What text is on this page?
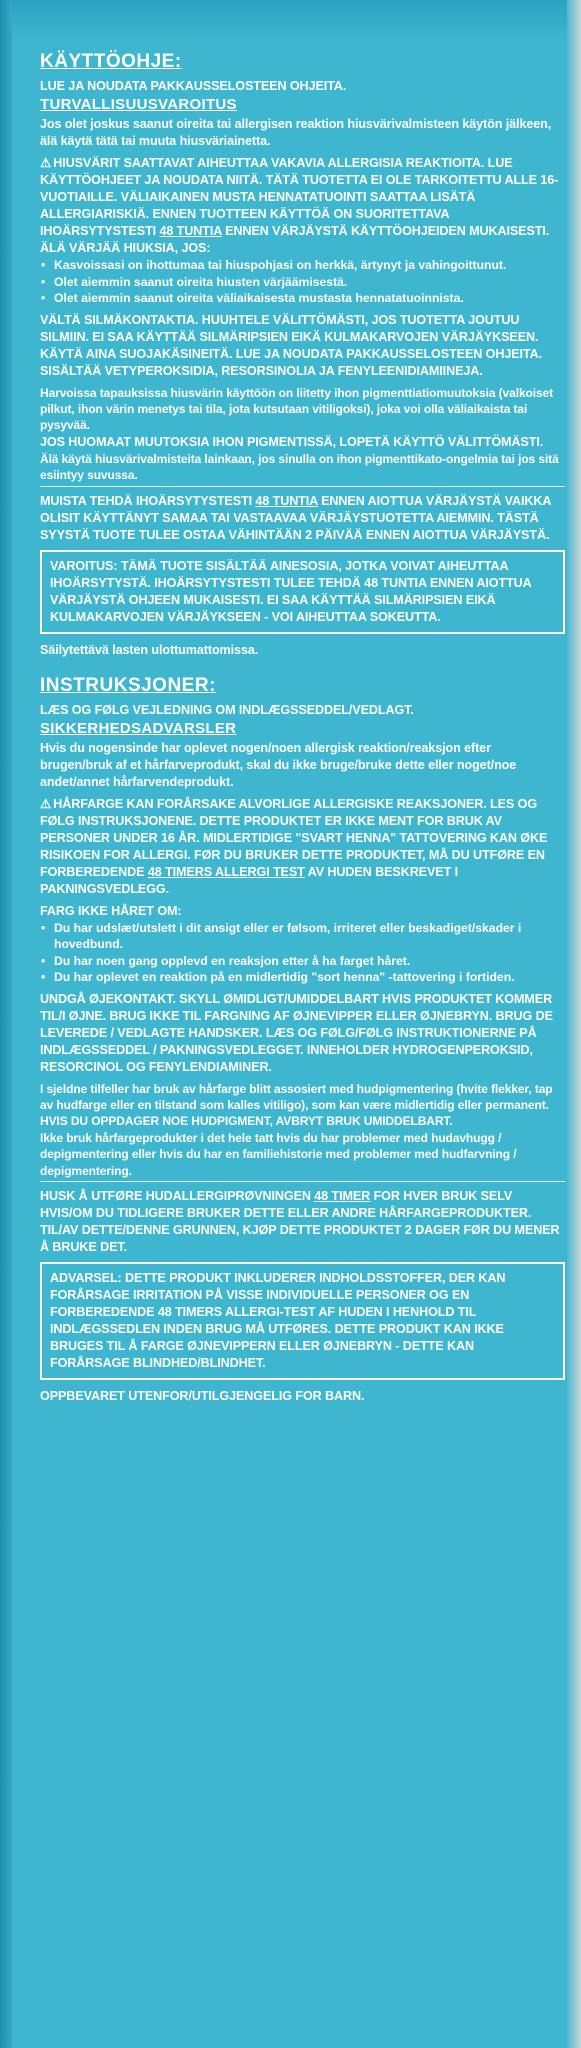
KÄYTTÖOHJE:

LUE JA NOUDATA PAKKAUSSELOSTEEN OHJEITA.

TURVALLISUUSVAROITUS

Jos olet joskus saanut oireita tai allergisen reaktion hiusvärivalmisteen käytön jälkeen, älä käytä tätä tai muuta hiusväriainetta.

⚠ HIUSVÄRIT SAATTAVAT AIHEUTTAA VAKAVIA ALLERGISIA REAKTIOITA. LUE KÄYTTÖOHJEET JA NOUDATA NIITÄ. TÄTÄ TUOTETTA EI OLE TARKOITETTU ALLE 16-VUOTIAILLE. VÄLIAIKAINEN MUSTA HENNATATUOINTI SAATTAA LISÄTÄ ALLERGIARISKIÄ. ENNEN TUOTTEEN KÄYTTÖÄ ON SUORITETTAVA IHOÄRSYTYSTESTI 48 TUNTIA ENNEN VÄRJÄYSTÄ KÄYTTÖOHJEIDEN MUKAISESTI.

ÄLÄ VÄRJÄÄ HIUKSIA, JOS:

• Kasvoissasi on ihottumaa tai hiuspohjasi on herkkä, ärtynyt ja vahingoittunut.
• Olet aiemmin saanut oireita hiusten värjäämisestä.
• Olet aiemmin saanut oireita väliaikaisesta mustasta hennatatuoinnista.

VÄLTÄ SILMÄKONTAKTIA. HUUHTELE VÄLITTÖMÄSTI, JOS TUOTETTA JOUTUU SILMIIN. EI SAA KÄYTTÄÄ SILMÄRIPSIEN EIKÄ KULMAKARVOJEN VÄRJÄYKSEEN. KÄYTÄ AINA SUOJAKÄSINEITÄ. LUE JA NOUDATA PAKKAUSSELOSTEEN OHJEITA. SISÄLTÄÄ VETYPEROKSIDIA, RESORSINOLIA JA FENYLEENIDIAMIINEJA.

Harvoissa tapauksissa hiusvärin käyttöön on liitetty ihon pigmenttiatiomuutoksia (valkoiset pilkut, ihon värin menetys tai tila, jota kutsutaan vitiligoksi), joka voi olla väliaikaista tai pysyvää.

JOS HUOMAAT MUUTOKSIA IHON PIGMENTISSÄ, LOPETÄ KÄYTTÖ VÄLITTÖMÄSTI.

Älä käytä hiusvärivalmisteita lainkaan, jos sinulla on ihon pigmenttikato-ongelmia tai jos sitä esiintyy suvussa.

MUISTA TEHDÄ IHOÄRSYTYSTESTI 48 TUNTIA ENNEN AIOTTUA VÄRJÄYSTÄ VAIKKA OLISIT KÄYTTÄNYT SAMAA TAI VASTAAVAA VÄRJÄYSTUOTETTA AIEMMIN. TÄSTÄ SYYSTÄ TUOTE TULEE OSTAA VÄHINTÄÄN 2 PÄIVÄÄ ENNEN AIOTTUA VÄRJÄYSTÄ.

VAROITUS: TÄMÄ TUOTE SISÄLTÄÄ AINESOSIA, JOTKA VOIVAT AIHEUTTAA IHOÄRSYTYSTÄ. IHOÄRSYTYSTESTI TULEE TEHDÄ 48 TUNTIA ENNEN AIOTTUA VÄRJÄYSTÄ OHJEEN MUKAISESTI. EI SAA KÄYTTÄÄ SILMÄRIPSIEN EIKÄ KULMAKARVOJEN VÄRJÄYKSEEN - VOI AIHEUTTAA SOKEUTTA.

Säilytettävä lasten ulottumattomissa.

INSTRUKSJONER:

LÆS OG FØLG VEJLEDNING OM INDLÆGSSEDDEL/VEDLAGT.

SIKKERHEDSADVARSLER

Hvis du nogensinde har oplevet nogen/noen allergisk reaktion/reaksjon efter brugen/bruk af et hårfarveprodukt, skal du ikke bruge/bruke dette eller noget/noe andet/annet hårfarvendeprodukt.

⚠ HÅRFARGE KAN FORÅRSAKE ALVORLIGE ALLERGISKE REAKSJONER. LES OG FØLG INSTRUKSJONENE. DETTE PRODUKTET ER IKKE MENT FOR BRUK AV PERSONER UNDER 16 ÅR. MIDLERTIDIGE "SVART HENNA" TATTOVERING KAN ØKE RISIKOEN FOR ALLERGI. FØR DU BRUKER DETTE PRODUKTET, MÅ DU UTFØRE EN FORBEREDENDE 48 TIMERS ALLERGI TEST AV HUDEN BESKREVET I PAKNINGSVEDLEGG.

FARG IKKE HÅRET OM:

• Du har udslæt/utslett i dit ansigt eller er følsom, irriteret eller beskadiget/skader i hovedbund.
• Du har noen gang opplevd en reaksjon etter å ha farget håret.
• Du har oplevet en reaktion på en midlertidig "sort henna" -tattovering i fortiden.

UNDGÅ ØJEKONTAKT. SKYLL ØMIDLIGT/UMIDDELBART HVIS PRODUKTET KOMMER TIL/I ØJNE. BRUG IKKE TIL FARGNING AF ØJNEVIPPER ELLER ØJNEBRYN. BRUG DE LEVEREDE / VEDLAGTE HANDSKER. LÆS OG FØLG/FØLG INSTRUKTIONERNE PÅ INDLÆGSSEDDEL / PAKNINGSVEDLEGGET. INNEHOLDER HYDROGENPEROKSID, RESORCINOL OG FENYLENDIAMINER.

I sjeldne tilfeller har bruk av hårfarge blitt assosiert med hudpigmentering (hvite flekker, tap av hudfarge eller en tilstand som kalles vitiligo), som kan være midlertidig eller permanent.

HVIS DU OPPDAGER NOE HUDPIGMENT, AVBRYT BRUK UMIDDELBART.

Ikke bruk hårfargeprodukter i det hele tatt hvis du har problemer med hudavhugg / depigmentering eller hvis du har en familiehistorie med problemer med hudfarvning / depigmentering.

HUSK Å UTFØRE HUDALLERGIPRØVNINGEN 48 TIMER FOR HVER BRUK SELV HVIS/OM DU TIDLIGERE BRUKER DETTE ELLER ANDRE HÅRFARGEPRODUKTER. TIL/AV DETTE/DENNE GRUNNEN, KJØP DETTE PRODUKTET 2 DAGER FØR DU MENER Å BRUKE DET.

ADVARSEL: DETTE PRODUKT INKLUDERER INDHOLDSSTOFFER, DER KAN FORÅRSAGE IRRITATION PÅ VISSE INDIVIDUELLE PERSONER OG EN FORBEREDENDE 48 TIMERS ALLERGI-TEST AF HUDEN I HENHOLD TIL INDLÆGSSEDLEN INDEN BRUG MÅ UTFØRES. DETTE PRODUKT KAN IKKE BRUGES TIL Å FARGE ØJNEVIPPERN ELLER ØJNEBRYN - DETTE KAN FORÅRSAGE BLINDHED/BLINDHET.

OPPBEVARET UTENFOR/UTILGJENGELIG FOR BARN.
